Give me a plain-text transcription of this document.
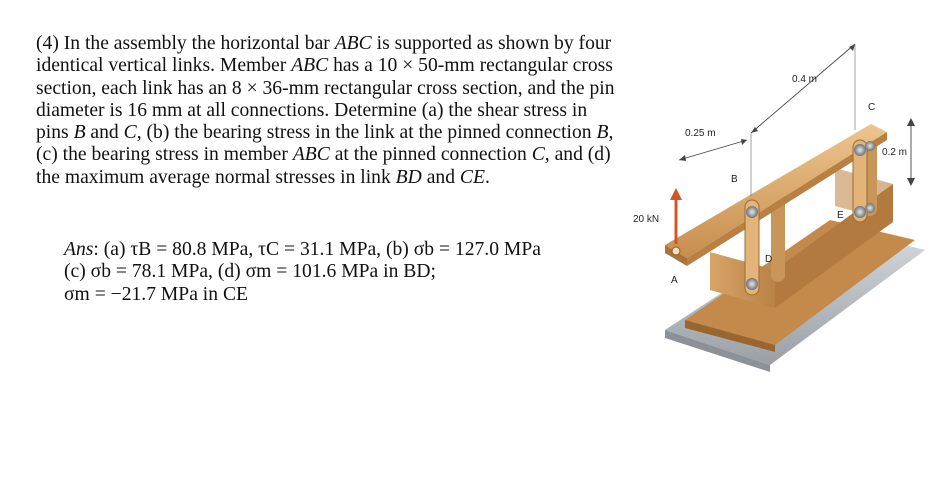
(4) In the assembly the horizontal bar ABC is supported as shown by four identical vertical links. Member ABC has a 10 × 50-mm rectangular cross section, each link has an 8 × 36-mm rectangular cross section, and the pin diameter is 16 mm at all connections. Determine (a) the shear stress in pins B and C, (b) the bearing stress in the link at the pinned connection B, (c) the bearing stress in member ABC at the pinned connection C, and (d) the maximum average normal stresses in link BD and CE.

Ans: (a) τB = 80.8 MPa, τC = 31.1 MPa, (b) σb = 127.0 MPa
(c) σb = 78.1 MPa, (d) σm = 101.6 MPa in BD;
σm = −21.7 MPa in CE
0.4 m
0.25 m
0.2 m
20 kN
A
B
C
D
E
